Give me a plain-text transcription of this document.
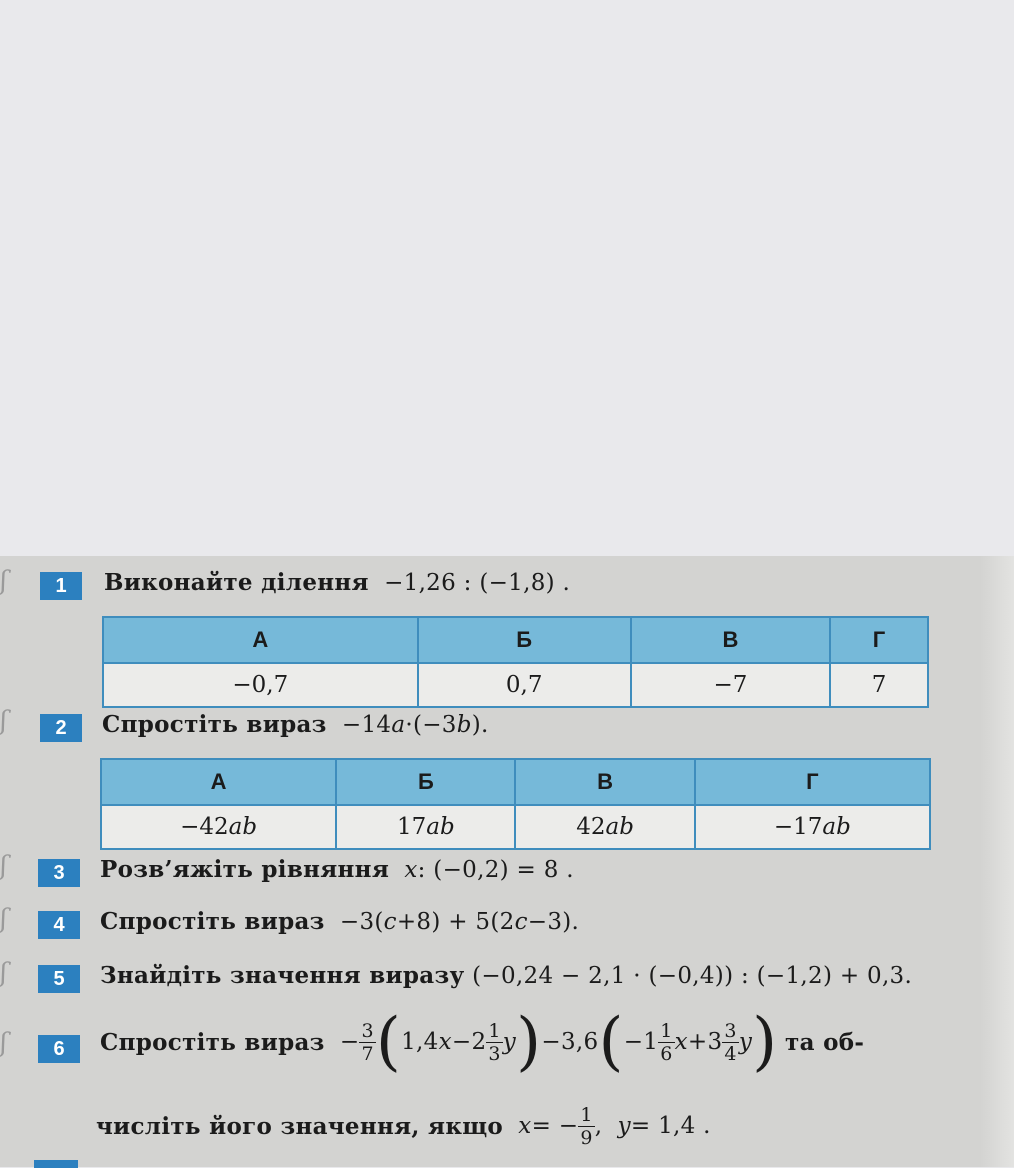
ʃ
ʃ
ʃ
ʃ
ʃ
ʃ
1	Виконайте ділення −1,26 : (−1,8) .
А	Б	В	Г
−0,7	0,7	−7	7
2	Спростіть вираз −14a·(−3b).
А	Б	В	Г
−42ab	17ab	42ab	−17ab
3	Розв’яжіть рівняння x: (−0,2) = 8 .
4	Спростіть вираз −3(c+8) + 5(2c−3).
5	Знайдіть значення виразу (−0,24 − 2,1 · (−0,4)) : (−1,2) + 0,3.
6	Спростіть вираз
− $\frac{3}{7}$ ( 1,4 $x -2 \frac{1}{3}$ y ) −3,6 ( $-1 \frac{1}{6}$ $x +3 \frac{3}{4}$ y )
та об-
числіть його значення, якщо
x = − $\frac{1}{9}$ ,
y = 1,4 .
